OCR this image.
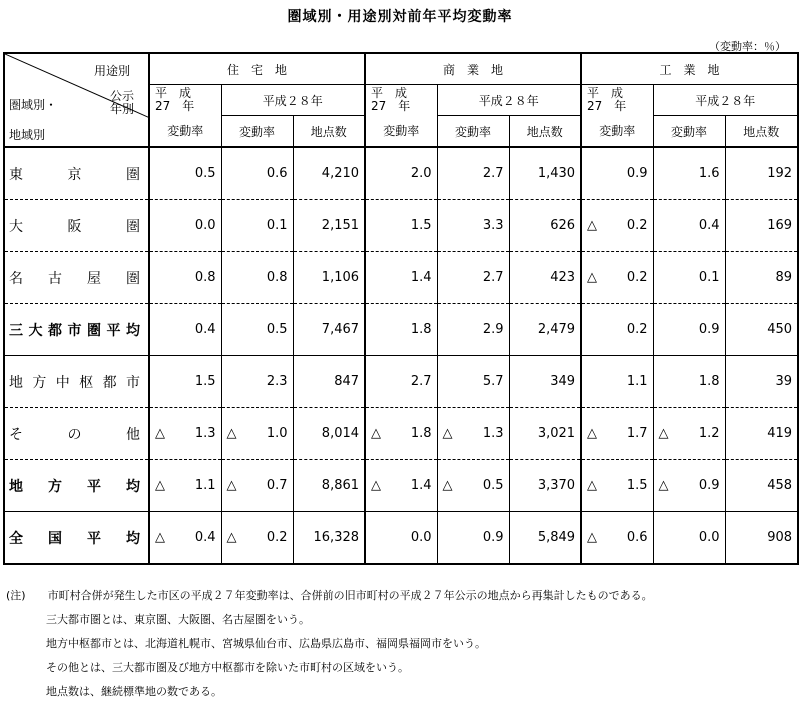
圏域別・用途別対前年平均変動率
（変動率：％）
用途別
圏域別・
公示
年別
地域別	住　宅　地			商　業　地			工　業　地		
	平　成
27　年	平成２８年		平　成
27　年	平成２８年		平　成
27　年	平成２８年	
	変動率	変動率	地点数	変動率	変動率	地点数	変動率	変動率	地点数
東　京　圏	0.5	0.6	4,210	2.0	2.7	1,430	0.9	1.6	192
大　阪　圏	0.0	0.1	2,151	1.5	3.3	626	△ 0.2	0.4	169
名　古　屋　圏	0.8	0.8	1,106	1.4	2.7	423	△ 0.2	0.1	89
三大都市圏平均	0.4	0.5	7,467	1.8	2.9	2,479	0.2	0.9	450
地方中枢都市	1.5	2.3	847	2.7	5.7	349	1.1	1.8	39
そ　の　他	△ 1.3	△ 1.0	8,014	△ 1.8	△ 1.3	3,021	△ 1.7	△ 1.2	419
地　方　平　均	△ 1.1	△ 0.7	8,861	△ 1.4	△ 0.5	3,370	△ 1.5	△ 0.9	458
全　国　平　均	△ 0.4	△ 0.2	16,328	0.0	0.9	5,849	△ 0.6	0.0	908
(注)　　 市町村合併が発生した市区の平成２７年変動率は、合併前の旧市町村の平成２７年公示の地点から再集計したものである。
三大都市圏とは、東京圏、大阪圏、名古屋圏をいう。
地方中枢都市とは、北海道札幌市、宮城県仙台市、広島県広島市、福岡県福岡市をいう。
その他とは、三大都市圏及び地方中枢都市を除いた市町村の区域をいう。
地点数は、継続標準地の数である。
